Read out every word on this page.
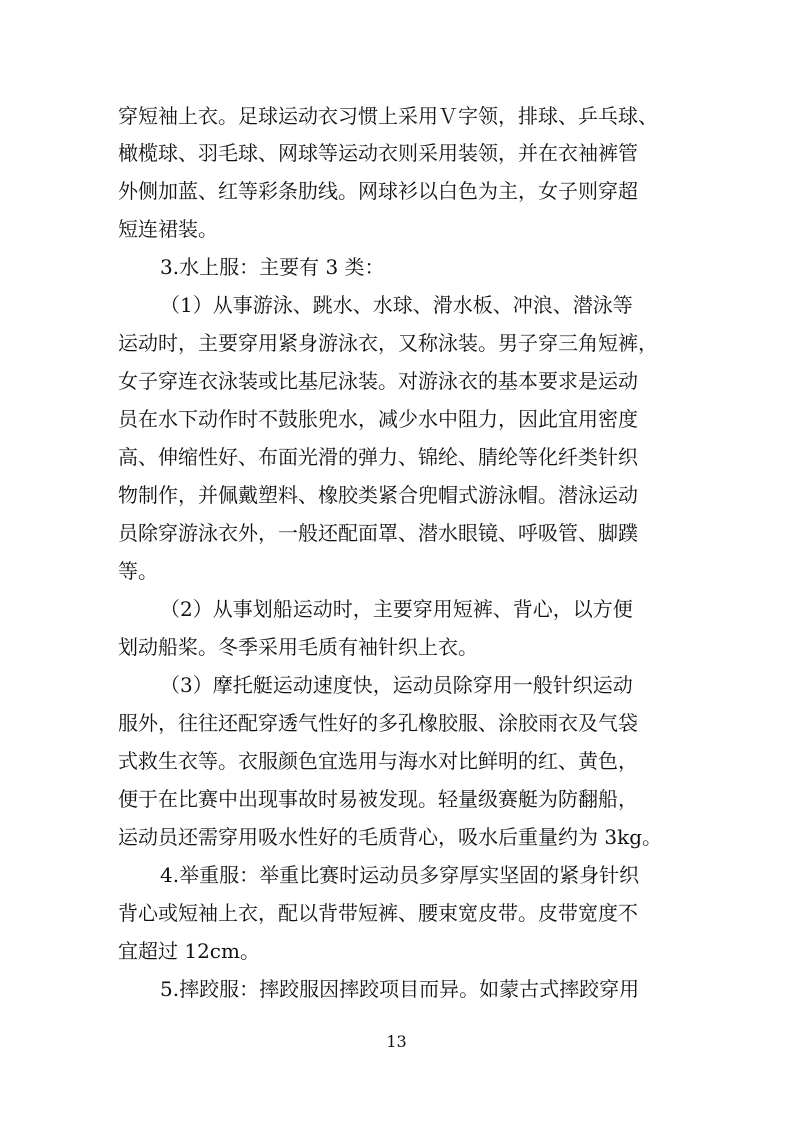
穿短袖上衣。足球运动衣习惯上采用Ｖ字领，排球、乒乓球、
橄榄球、羽毛球、网球等运动衣则采用装领，并在衣袖裤管
外侧加蓝、红等彩条肋线。网球衫以白色为主，女子则穿超
短连裙装。
3.水上服：主要有 3 类：
（1）从事游泳、跳水、水球、滑水板、冲浪、潜泳等
运动时，主要穿用紧身游泳衣，又称泳装。男子穿三角短裤，
女子穿连衣泳装或比基尼泳装。对游泳衣的基本要求是运动
员在水下动作时不鼓胀兜水，减少水中阻力，因此宜用密度
高、伸缩性好、布面光滑的弹力、锦纶、腈纶等化纤类针织
物制作，并佩戴塑料、橡胶类紧合兜帽式游泳帽。潜泳运动
员除穿游泳衣外，一般还配面罩、潜水眼镜、呼吸管、脚蹼
等。
（2）从事划船运动时，主要穿用短裤、背心，以方便
划动船桨。冬季采用毛质有袖针织上衣。
（3）摩托艇运动速度快，运动员除穿用一般针织运动
服外，往往还配穿透气性好的多孔橡胶服、涂胶雨衣及气袋
式救生衣等。衣服颜色宜选用与海水对比鲜明的红、黄色，
便于在比赛中出现事故时易被发现。轻量级赛艇为防翻船，
运动员还需穿用吸水性好的毛质背心，吸水后重量约为 3kg。
4.举重服：举重比赛时运动员多穿厚实坚固的紧身针织
背心或短袖上衣，配以背带短裤、腰束宽皮带。皮带宽度不
宜超过 12cm。
5.摔跤服：摔跤服因摔跤项目而异。如蒙古式摔跤穿用
13
